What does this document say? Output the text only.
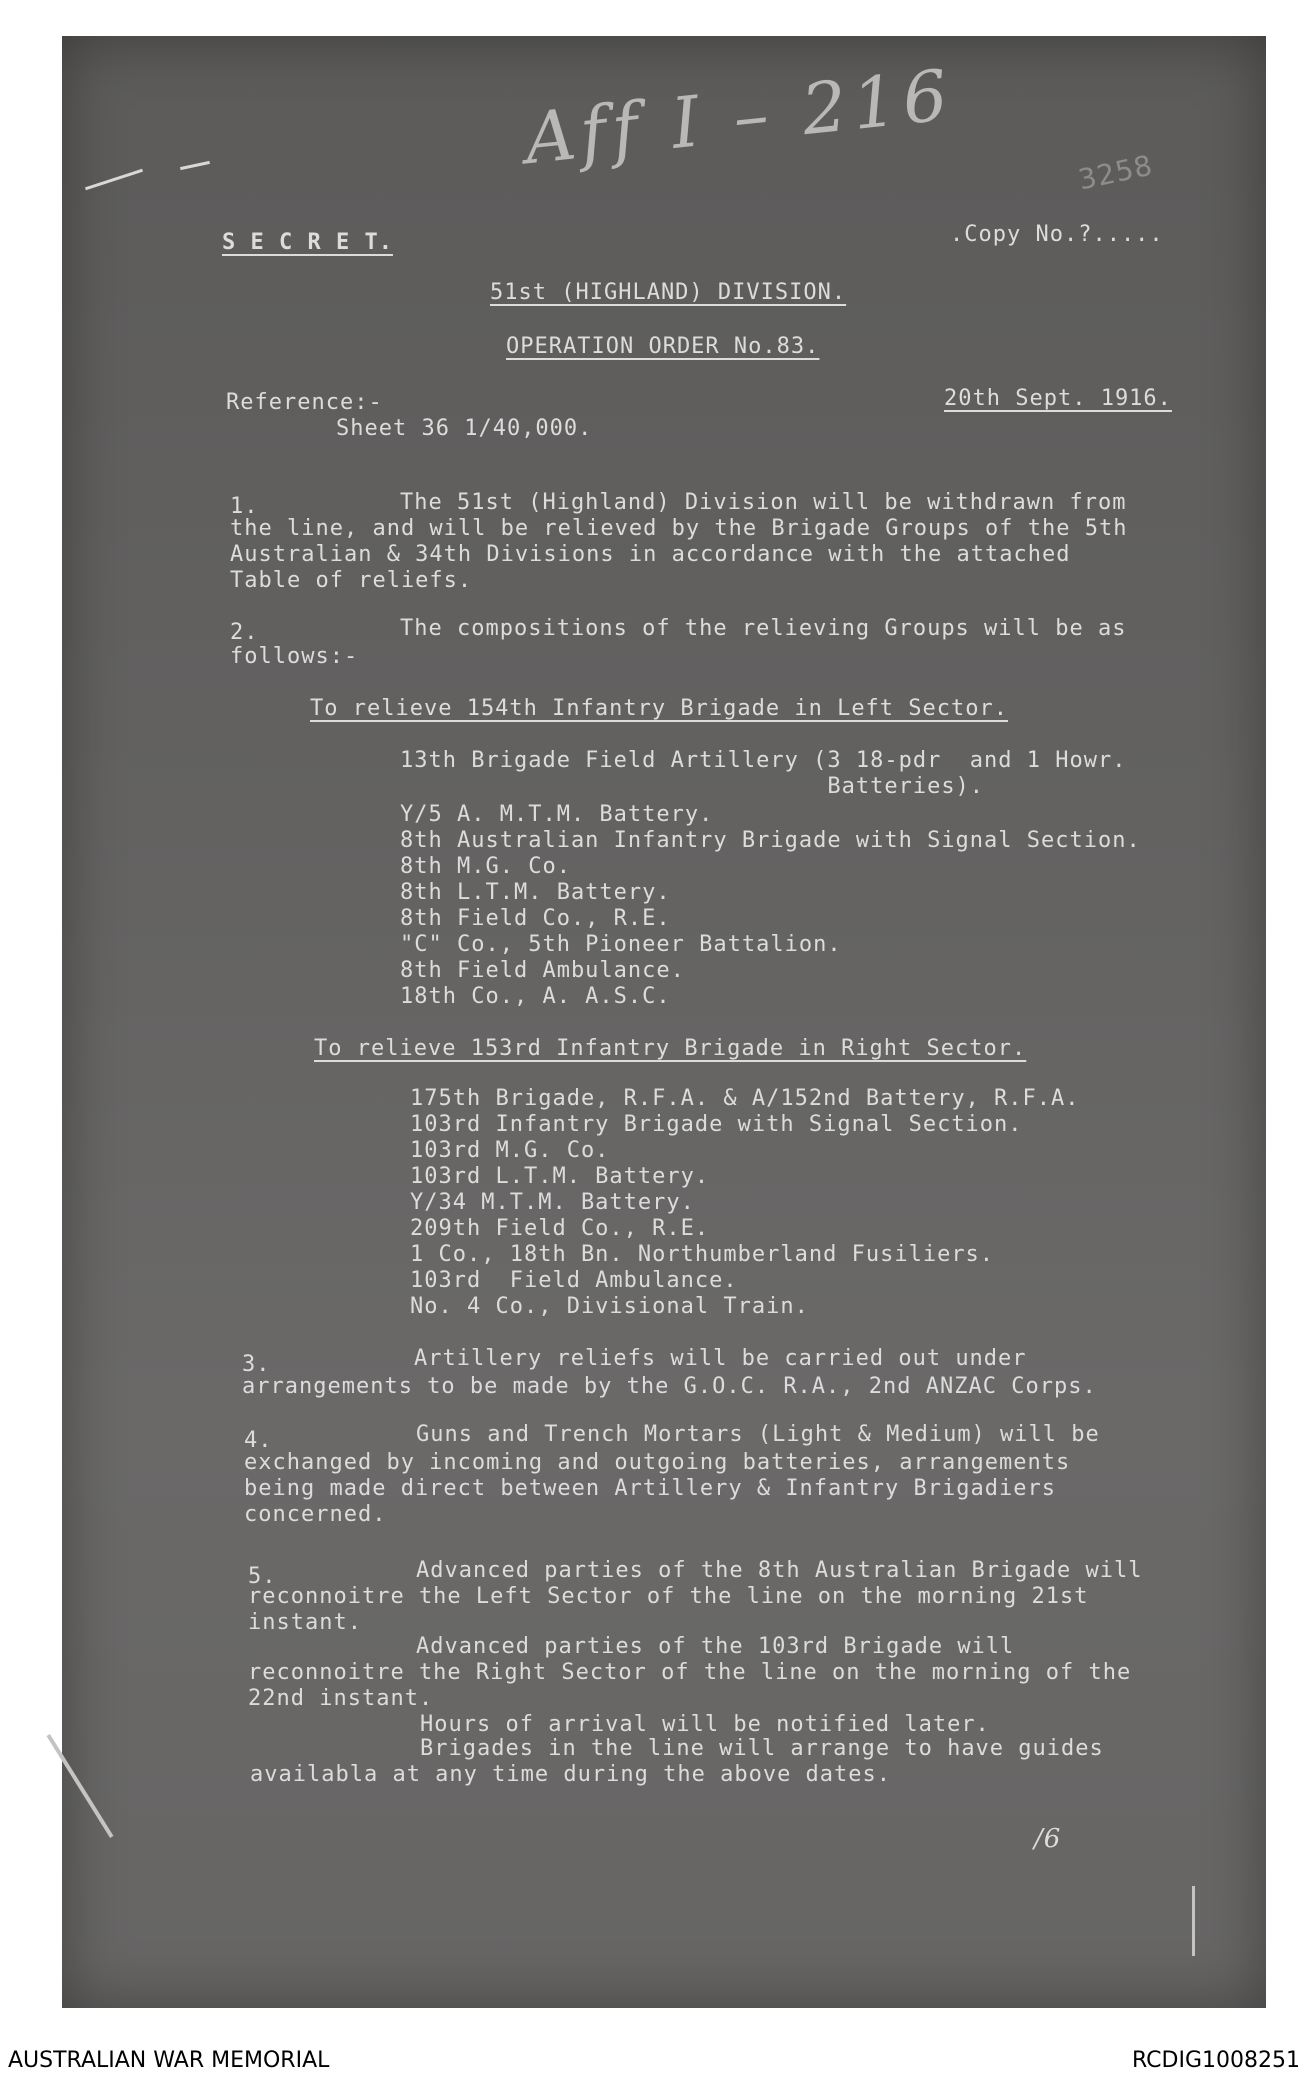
Aff I – 216	3258
S E C R E T.	.Copy No.?.....
51st (HIGHLAND) DIVISION.
OPERATION ORDER No.83.
Reference:-
Sheet 36 1/40,000.
20th Sept. 1916.
1.	The 51st (Highland) Division will be withdrawn from
the line, and will be relieved by the Brigade Groups of the 5th
Australian & 34th Divisions in accordance with the attached
Table of reliefs.
2.	The compositions of the relieving Groups will be as
follows:-
To relieve 154th Infantry Brigade in Left Sector.
13th Brigade Field Artillery (3 18-pdr  and 1 Howr.
Batteries).
Y/5 A. M.T.M. Battery.
8th Australian Infantry Brigade with Signal Section.
8th M.G. Co.
8th L.T.M. Battery.
8th Field Co., R.E.
"C" Co., 5th Pioneer Battalion.
8th Field Ambulance.
18th Co., A. A.S.C.
To relieve 153rd Infantry Brigade in Right Sector.
175th Brigade, R.F.A. & A/152nd Battery, R.F.A.
103rd Infantry Brigade with Signal Section.
103rd M.G. Co.
103rd L.T.M. Battery.
Y/34 M.T.M. Battery.
209th Field Co., R.E.
1 Co., 18th Bn. Northumberland Fusiliers.
103rd  Field Ambulance.
No. 4 Co., Divisional Train.
3.	Artillery reliefs will be carried out under
arrangements to be made by the G.O.C. R.A., 2nd ANZAC Corps.
4.	Guns and Trench Mortars (Light & Medium) will be
exchanged by incoming and outgoing batteries, arrangements
being made direct between Artillery & Infantry Brigadiers
concerned.
5.	Advanced parties of the 8th Australian Brigade will
reconnoitre the Left Sector of the line on the morning 21st
instant.
Advanced parties of the 103rd Brigade will
reconnoitre the Right Sector of the line on the morning of the
22nd instant.
Hours of arrival will be notified later.
Brigades in the line will arrange to have guides
availabla at any time during the above dates.
/6
AUSTRALIAN WAR MEMORIAL	RCDIG1008251
